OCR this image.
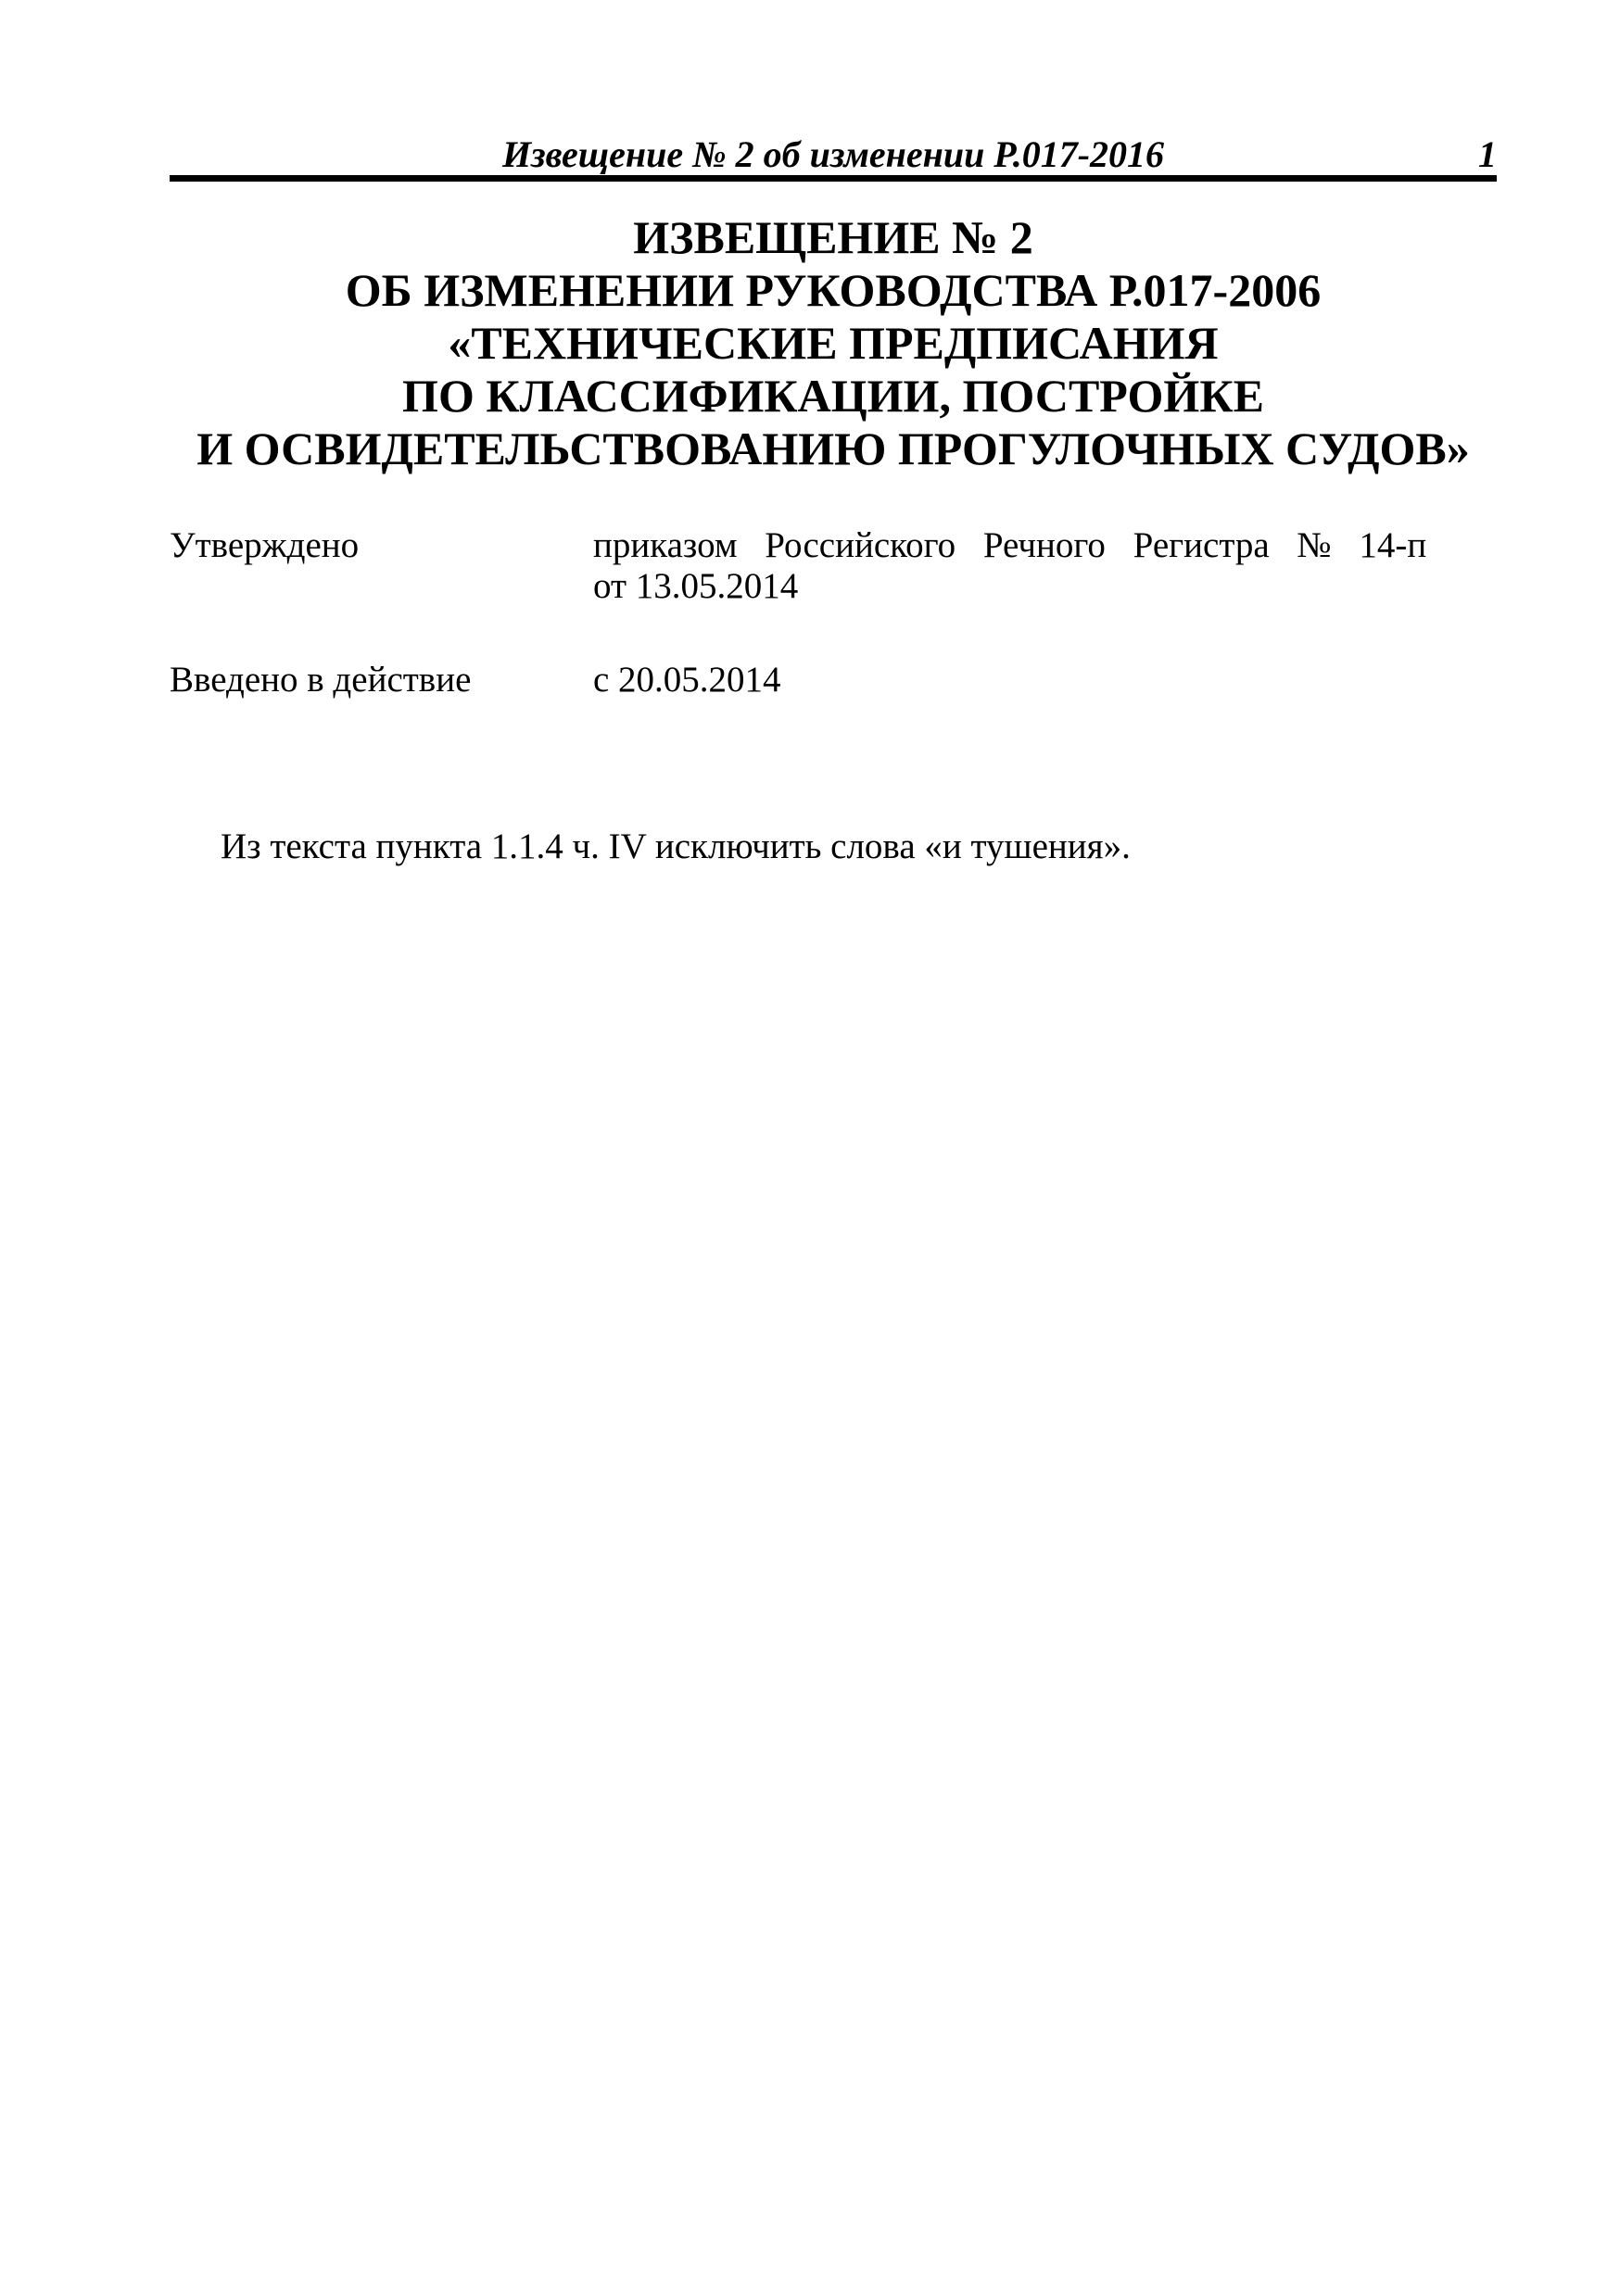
Извещение № 2 об изменении Р.017-2016	1
ИЗВЕЩЕНИЕ № 2
ОБ ИЗМЕНЕНИИ РУКОВОДСТВА Р.017-2006
«ТЕХНИЧЕСКИЕ ПРЕДПИСАНИЯ
ПО КЛАССИФИКАЦИИ, ПОСТРОЙКЕ
И ОСВИДЕТЕЛЬСТВОВАНИЮ ПРОГУЛОЧНЫХ СУДОВ»
Утверждено	приказом Российского Речного Регистра № 14-п
от 13.05.2014
Введено в действие	с 20.05.2014
Из текста пункта 1.1.4 ч. IV исключить слова «и тушения».
